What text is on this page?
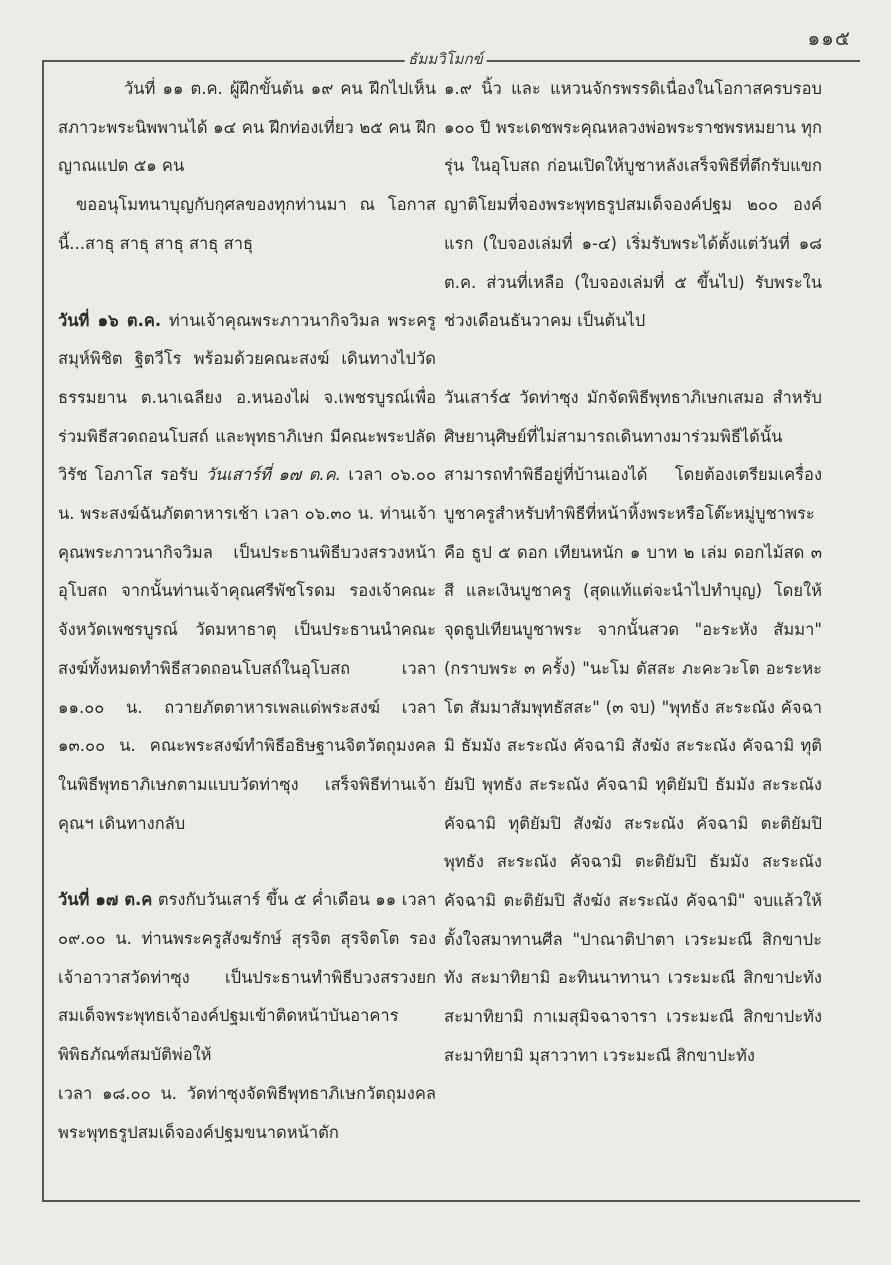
๑๑๕
ธัมมวิโมกข์

วันที่ ๑๑ ต.ค. ผู้ฝึกขั้นต้น ๑๙ คน ฝึกไปเห็นสภาวะพระนิพพานได้ ๑๔ คน ฝึกท่องเที่ยว ๒๕ คน ฝึกญาณแปด ๕๑ คน

ขออนุโมทนาบุญกับกุศลของทุกท่านมา ณ โอกาสนี้...สาธุ สาธุ สาธุ สาธุ สาธุ

วันที่ ๑๖ ต.ค. ท่านเจ้าคุณพระภาวนากิจวิมล พระครูสมุห์พิชิต ฐิตวีโร พร้อมด้วยคณะสงฆ์ เดินทางไปวัดธรรมยาน ต.นาเฉลียง อ.หนองไผ่ จ.เพชรบูรณ์เพื่อร่วมพิธีสวดถอนโบสถ์ และพุทธาภิเษก มีคณะพระปลัดวิรัช โอภาโส รอรับ วันเสาร์ที่ ๑๗ ต.ค. เวลา ๐๖.๐๐ น. พระสงฆ์ฉันภัตตาหารเช้า เวลา ๐๖.๓๐ น. ท่านเจ้าคุณพระภาวนากิจวิมล เป็นประธานพิธีบวงสรวงหน้าอุโบสถ จากนั้นท่านเจ้าคุณศรีพัชโรดม รองเจ้าคณะจังหวัดเพชรบูรณ์ วัดมหาธาตุ เป็นประธานนำคณะสงฆ์ทั้งหมดทำพิธีสวดถอนโบสถ์ในอุโบสถ เวลา ๑๑.๐๐ น. ถวายภัตตาหารเพลแด่พระสงฆ์ เวลา ๑๓.๐๐ น. คณะพระสงฆ์ทำพิธีอธิษฐานจิตวัตถุมงคลในพิธีพุทธาภิเษกตามแบบวัดท่าซุง เสร็จพิธีท่านเจ้าคุณฯ เดินทางกลับ

วันที่ ๑๗ ต.ค ตรงกับวันเสาร์ ขึ้น ๕ ค่ำเดือน ๑๑ เวลา ๐๙.๐๐ น. ท่านพระครูสังฆรักษ์ สุรจิต สุรจิตโต รองเจ้าอาวาสวัดท่าซุง เป็นประธานทำพิธีบวงสรวงยกสมเด็จพระพุทธเจ้าองค์ปฐมเข้าติดหน้าบันอาคารพิพิธภัณฑ์สมบัติพ่อให้

เวลา ๑๘.๐๐ น. วัดท่าซุงจัดพิธีพุทธาภิเษกวัตถุมงคล พระพุทธรูปสมเด็จองค์ปฐมขนาดหน้าตัก

๑.๙ นิ้ว และ แหวนจักรพรรดิเนื่องในโอกาสครบรอบ ๑๐๐ ปี พระเดชพระคุณหลวงพ่อพระราชพรหมยาน ทุกรุ่น ในอุโบสถ ก่อนเปิดให้บูชาหลังเสร็จพิธีที่ตึกรับแขก ญาติโยมที่จองพระพุทธรูปสมเด็จองค์ปฐม ๒๐๐ องค์แรก (ใบจองเล่มที่ ๑-๔) เริ่มรับพระได้ตั้งแต่วันที่ ๑๘ ต.ค. ส่วนที่เหลือ (ใบจองเล่มที่ ๕ ขึ้นไป) รับพระในช่วงเดือนธันวาคม เป็นต้นไป

วันเสาร์๕ วัดท่าซุง มักจัดพิธีพุทธาภิเษกเสมอ สำหรับศิษยานุศิษย์ที่ไม่สามารถเดินทางมาร่วมพิธีได้นั้นสามารถทำพิธีอยู่ที่บ้านเองได้ โดยต้องเตรียมเครื่องบูชาครูสำหรับทำพิธีที่หน้าหิ้งพระหรือโต๊ะหมู่บูชาพระคือ ธูป ๕ ดอก เทียนหนัก ๑ บาท ๒ เล่ม ดอกไม้สด ๓ สี และเงินบูชาครู (สุดแท้แต่จะนำไปทำบุญ) โดยให้จุดธูปเทียนบูชาพระ จากนั้นสวด "อะระหัง สัมมา" (กราบพระ ๓ ครั้ง) "นะโม ตัสสะ ภะคะวะโต อะระหะโต สัมมาสัมพุทธัสสะ" (๓ จบ) "พุทธัง สะระณัง คัจฉามิ ธัมมัง สะระณัง คัจฉามิ สังฆัง สะระณัง คัจฉามิ ทุติยัมปิ พุทธัง สะระณัง คัจฉามิ ทุติยัมปิ ธัมมัง สะระณัง คัจฉามิ ทุติยัมปิ สังฆัง สะระณัง คัจฉามิ ตะติยัมปิ พุทธัง สะระณัง คัจฉามิ ตะติยัมปิ ธัมมัง สะระณัง คัจฉามิ ตะติยัมปิ สังฆัง สะระณัง คัจฉามิ" จบแล้วให้ตั้งใจสมาทานศีล "ปาณาติปาตา เวระมะณี สิกขาปะทัง สะมาทิยามิ อะทินนาทานา เวระมะณี สิกขาปะทัง สะมาทิยามิ กาเมสุมิจฉาจารา เวระมะณี สิกขาปะทัง สะมาทิยามิ มุสาวาทา เวระมะณี สิกขาปะทัง
